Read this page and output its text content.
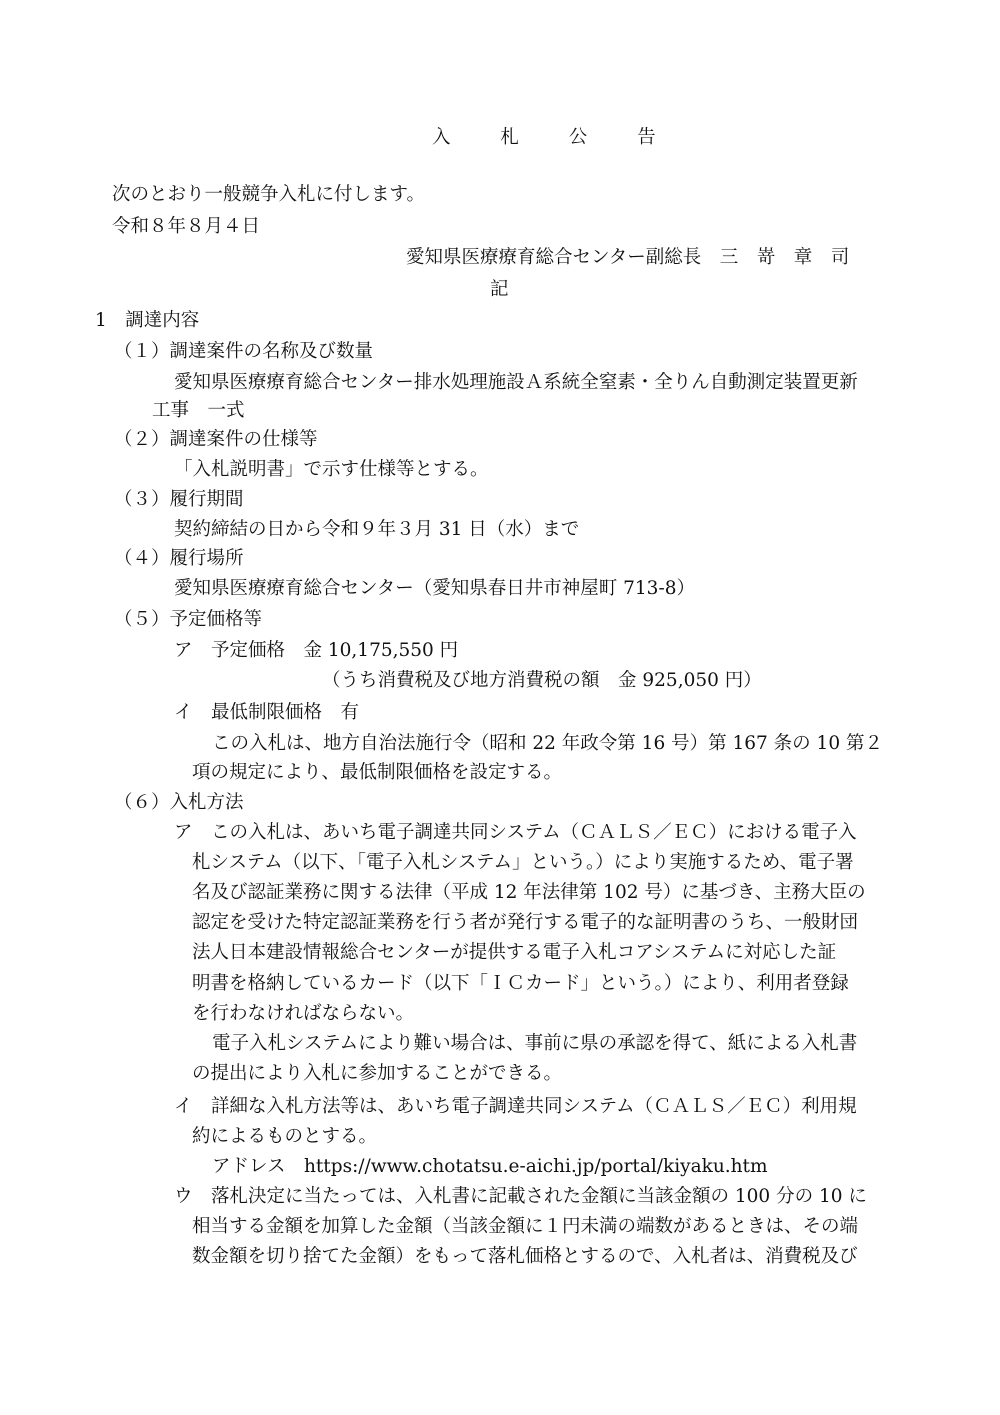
入 札 公 告
次のとおり一般競争入札に付します。
令和８年８月４日
愛知県医療療育総合センター副総長　三　嵜　章　司
記
1　調達内容
（１）調達案件の名称及び数量
愛知県医療療育総合センター排水処理施設Ａ系統全窒素・全りん自動測定装置更新
工事　一式
（２）調達案件の仕様等
「入札説明書」で示す仕様等とする。
（３）履行期間
契約締結の日から令和９年３月 31 日（水）まで
（４）履行場所
愛知県医療療育総合センター（愛知県春日井市神屋町 713-8）
（５）予定価格等
ア　予定価格　金 10,175,550 円
（うち消費税及び地方消費税の額　金 925,050 円）
イ　最低制限価格　有
この入札は、地方自治法施行令（昭和 22 年政令第 16 号）第 167 条の 10 第２
項の規定により、最低制限価格を設定する。
（６）入札方法
ア　この入札は、あいち電子調達共同システム（ＣＡＬＳ／ＥＣ）における電子入
札システム（以下、「電子入札システム」という。）により実施するため、電子署
名及び認証業務に関する法律（平成 12 年法律第 102 号）に基づき、主務大臣の
認定を受けた特定認証業務を行う者が発行する電子的な証明書のうち、一般財団
法人日本建設情報総合センターが提供する電子入札コアシステムに対応した証
明書を格納しているカード（以下「ＩＣカード」という。）により、利用者登録
を行わなければならない。
電子入札システムにより難い場合は、事前に県の承認を得て、紙による入札書
の提出により入札に参加することができる。
イ　詳細な入札方法等は、あいち電子調達共同システム（ＣＡＬＳ／ＥＣ）利用規
約によるものとする。
アドレス　https://www.chotatsu.e-aichi.jp/portal/kiyaku.htm
ウ　落札決定に当たっては、入札書に記載された金額に当該金額の 100 分の 10 に
相当する金額を加算した金額（当該金額に１円未満の端数があるときは、その端
数金額を切り捨てた金額）をもって落札価格とするので、入札者は、消費税及び
